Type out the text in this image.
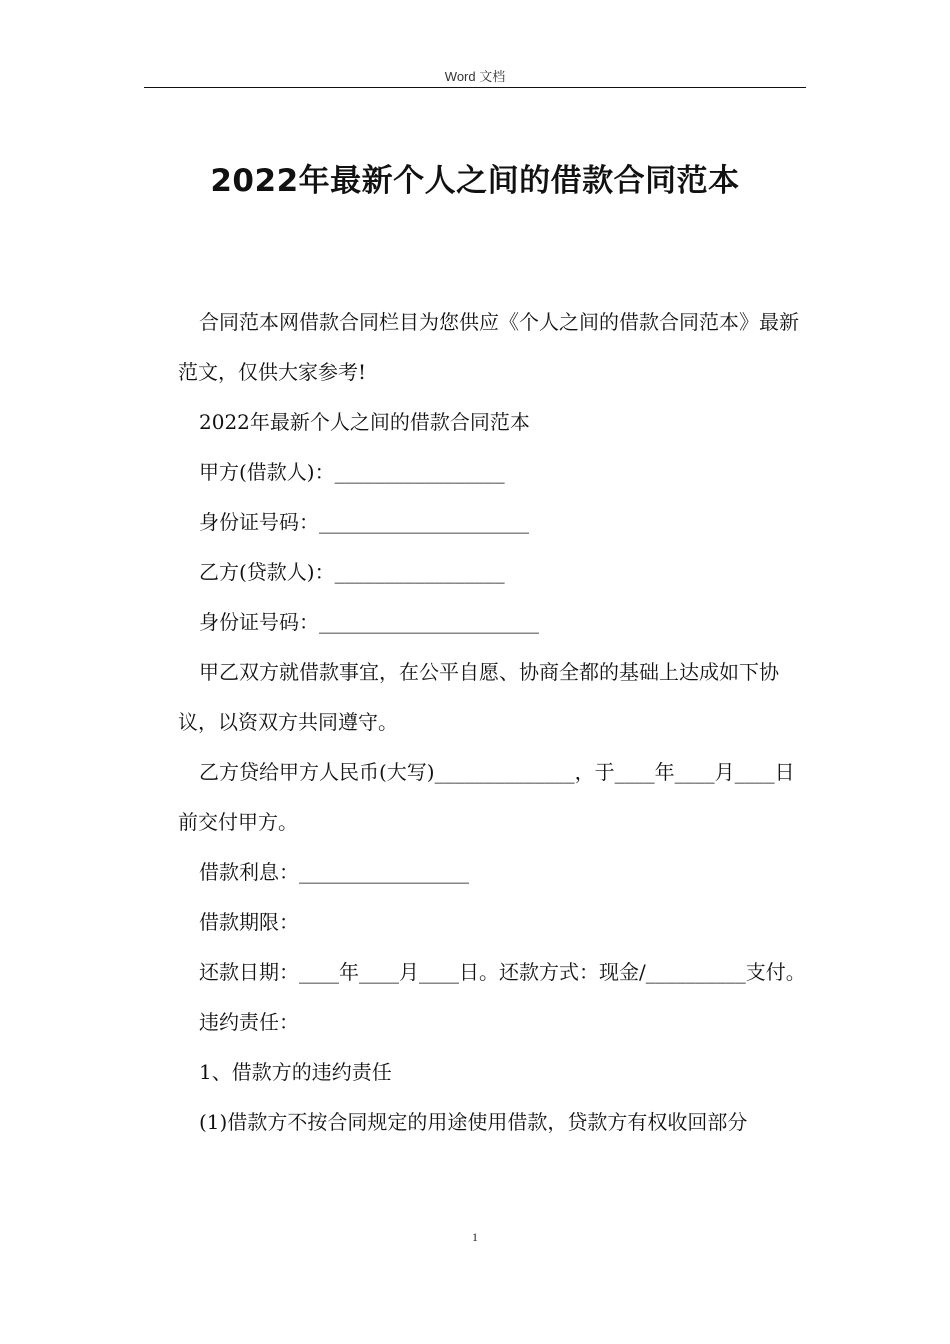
Word 文档
2022年最新个人之间的借款合同范本

合同范本网借款合同栏目为您供应《个人之间的借款合同范本》最新范文，仅供大家参考!

2022年最新个人之间的借款合同范本

甲方(借款人)：_________________

身份证号码：_____________________

乙方(贷款人)：_________________

身份证号码：______________________

甲乙双方就借款事宜，在公平自愿、协商全都的基础上达成如下协议，以资双方共同遵守。

乙方贷给甲方人民币(大写)______________，于____年____月____日前交付甲方。

借款利息：_________________

借款期限：

还款日期：____年____月____日。还款方式：现金/__________支付。

违约责任：

1、借款方的违约责任

(1)借款方不按合同规定的用途使用借款，贷款方有权收回部分

1
